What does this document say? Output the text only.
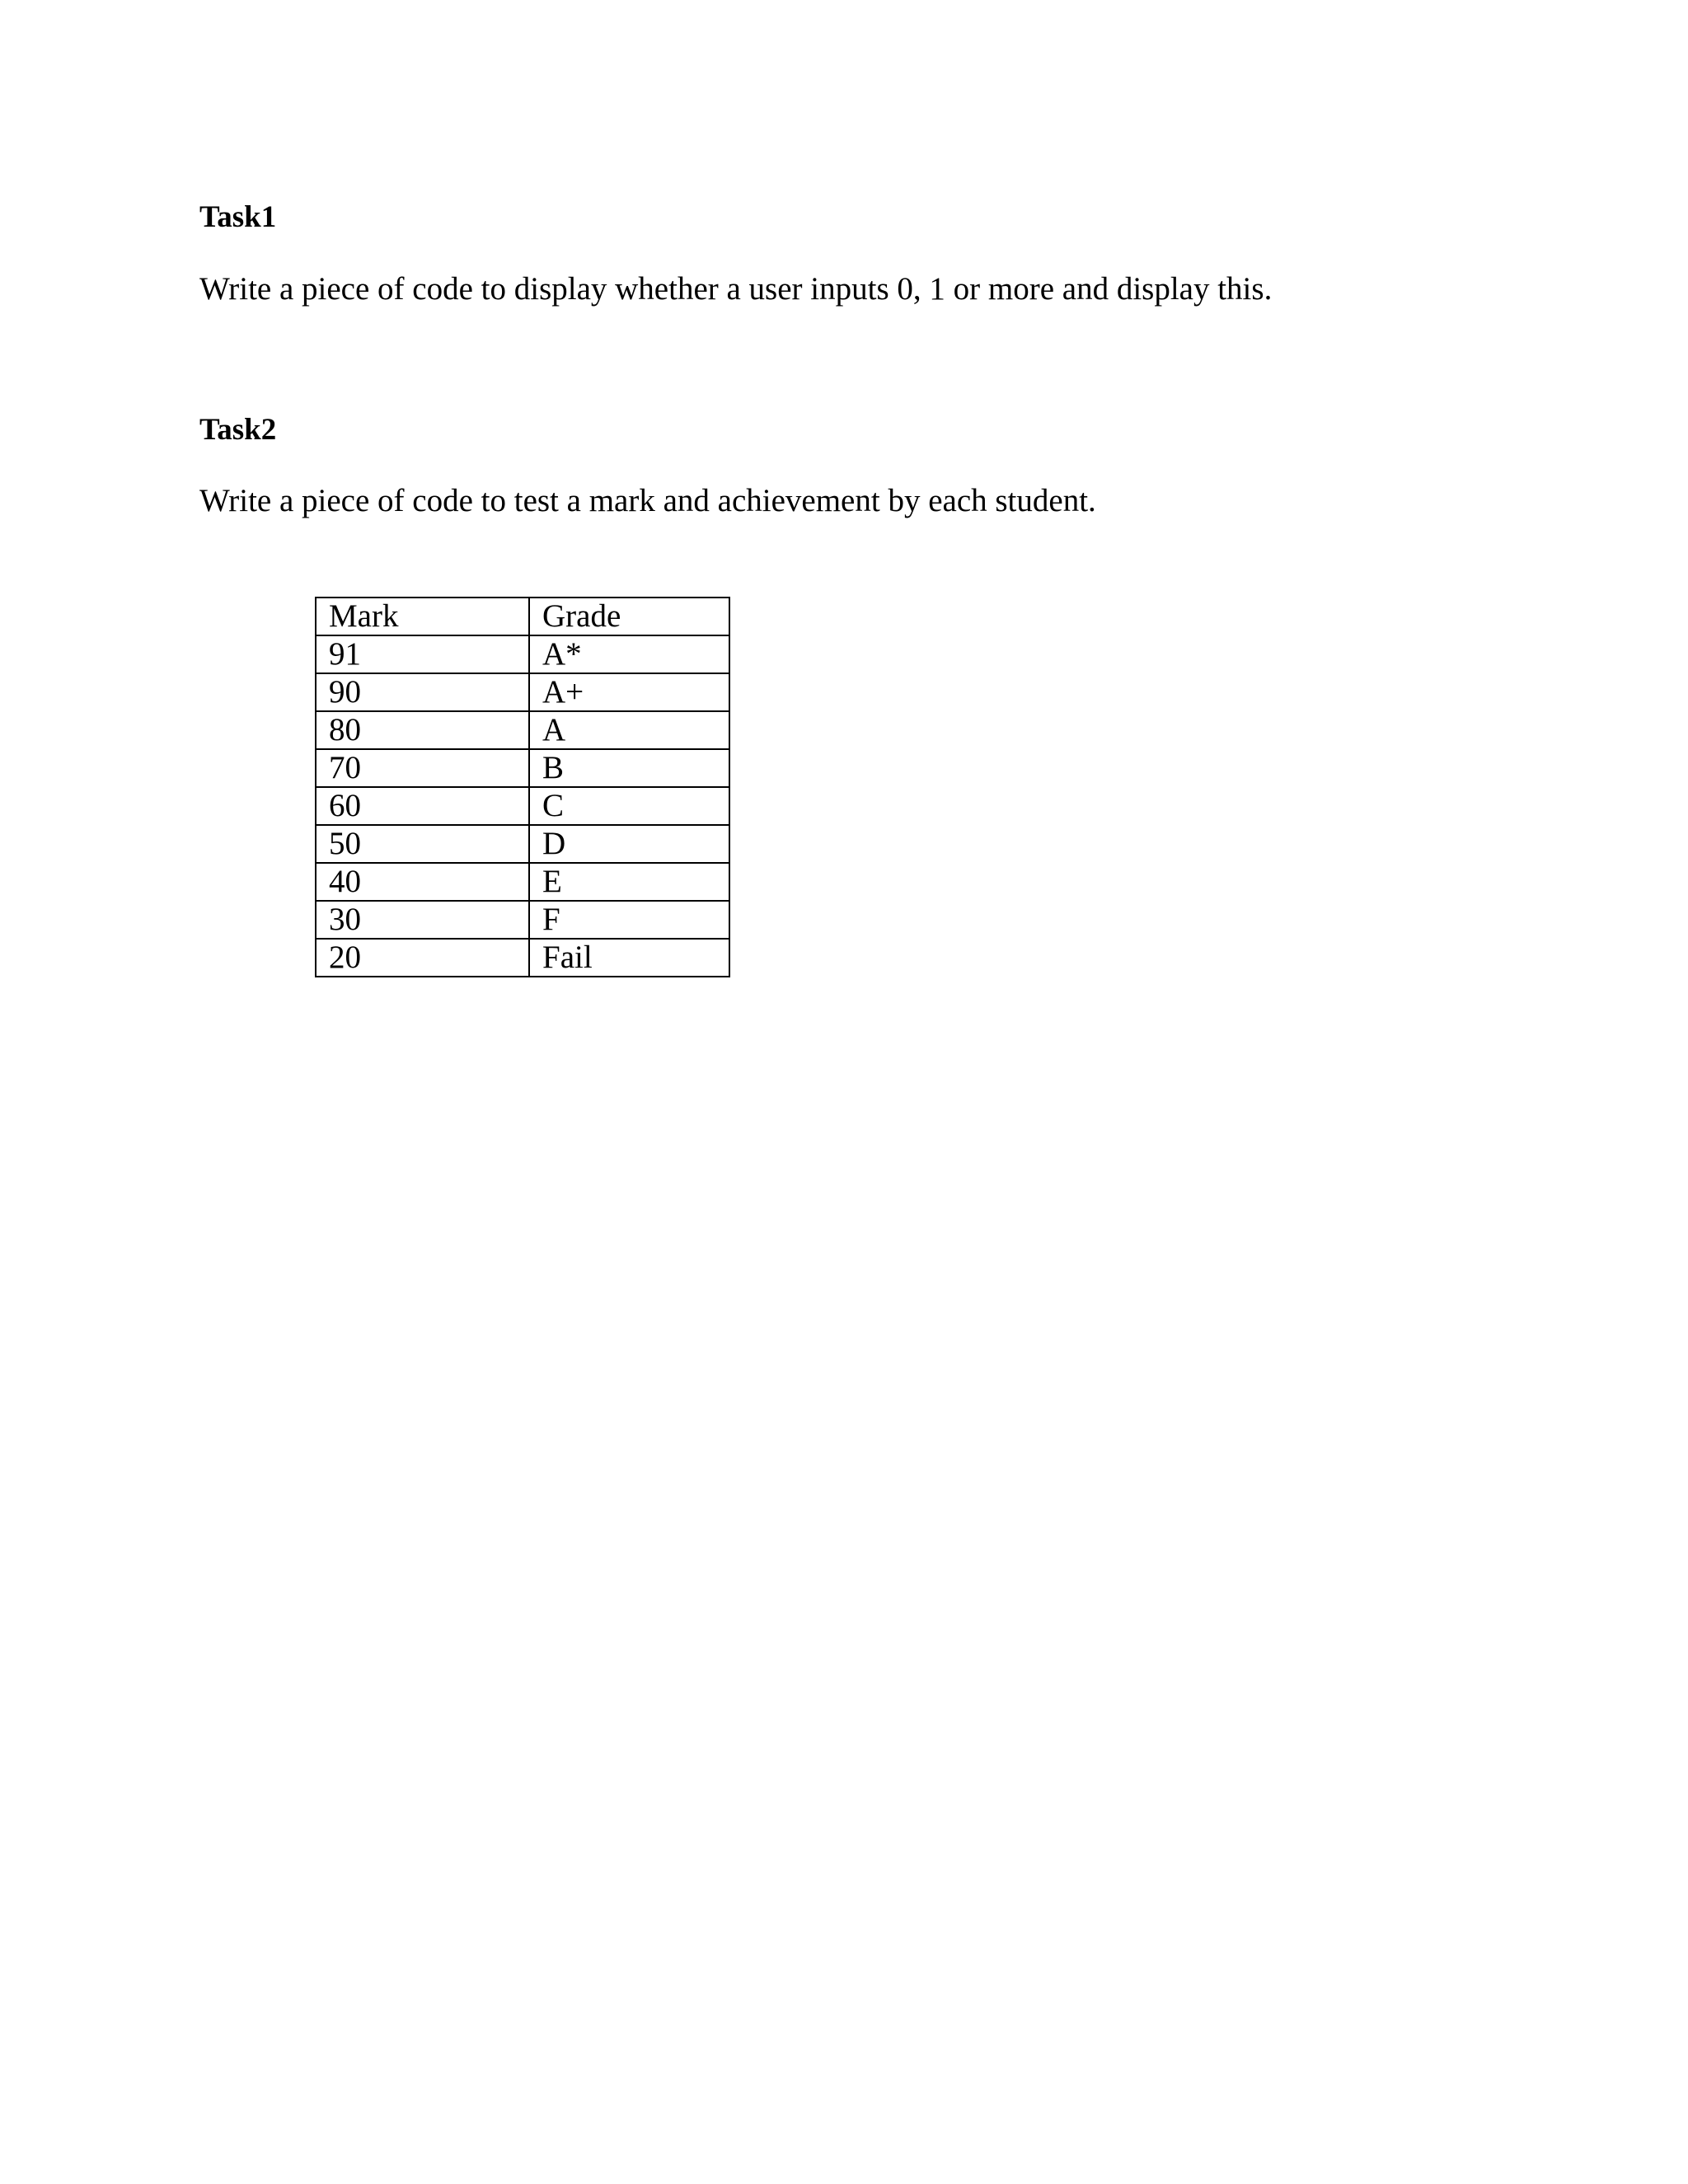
Task1

Write a piece of code to display whether a user inputs 0, 1 or more and display this.

Task2

Write a piece of code to test a mark and achievement by each student.

Mark	Grade
91	A*
90	A+
80	A
70	B
60	C
50	D
40	E
30	F
20	Fail
